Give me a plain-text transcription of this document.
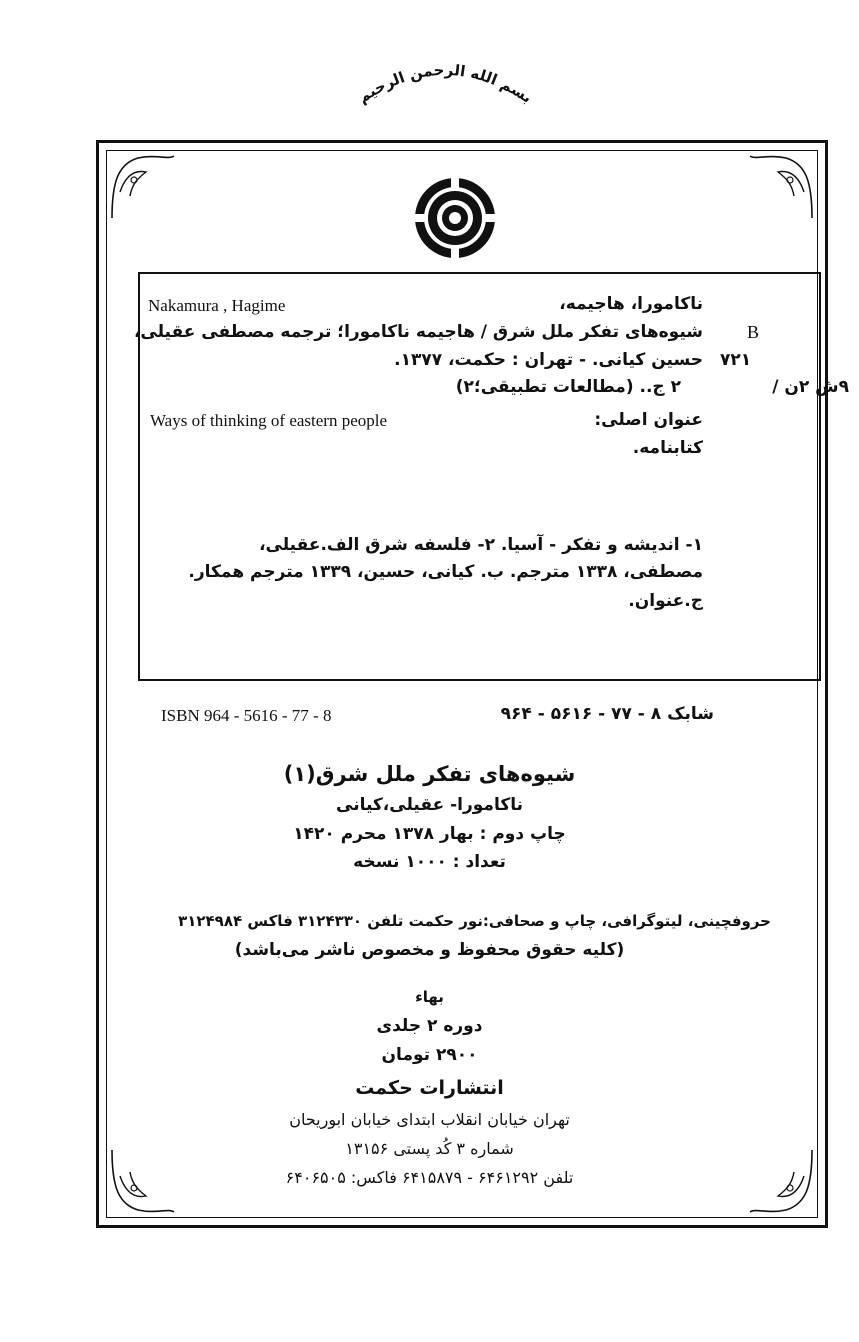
بسم الله الرحمن الرحیم
Nakamura , Hagime	ناکامورا، هاجیمه،
B
شیوه‌های تفکر ملل شرق / هاجیمه ناکامورا؛ ترجمه مصطفی عقیلی،
۷۲۱
حسین کیانی. - تهران : حکمت، ۱۳۷۷.
۹ش ۲ن /
۲ ج.. (مطالعات تطبیقی؛۲)
Ways of thinking of eastern people	عنوان اصلی:
کتابنامه.
۱- اندیشه و تفکر - آسیا. ۲- فلسفه شرق الف.عقیلی،
مصطفی، ۱۳۳۸ مترجم. ب. کیانی، حسین، ۱۳۳۹ مترجم همکار.
ج.عنوان.
ISBN 964 - 5616 - 77 - 8	شابک ۸ - ۷۷ - ۵۶۱۶ - ۹۶۴
شیوه‌های تفکر ملل شرق(۱)
ناکامورا- عقیلی،کیانی
چاپ دوم : بهار ۱۳۷۸ محرم ۱۴۲۰
تعداد : ۱۰۰۰ نسخه
حروفچینی، لیتوگرافی، چاپ و صحافی:نور حکمت تلفن ۳۱۲۴۳۳۰ فاکس ۳۱۲۴۹۸۴
(کلیه حقوق محفوظ و مخصوص ناشر می‌باشد)
بهاء
دوره ۲ جلدی
۲۹۰۰ تومان
انتشارات حکمت
تهران خیابان انقلاب ابتدای خیابان ابوریحان
شماره ۳ کُد پستی ۱۳۱۵۶
تلفن ۶۴۶۱۲۹۲ - ۶۴۱۵۸۷۹ فاکس: ۶۴۰۶۵۰۵
